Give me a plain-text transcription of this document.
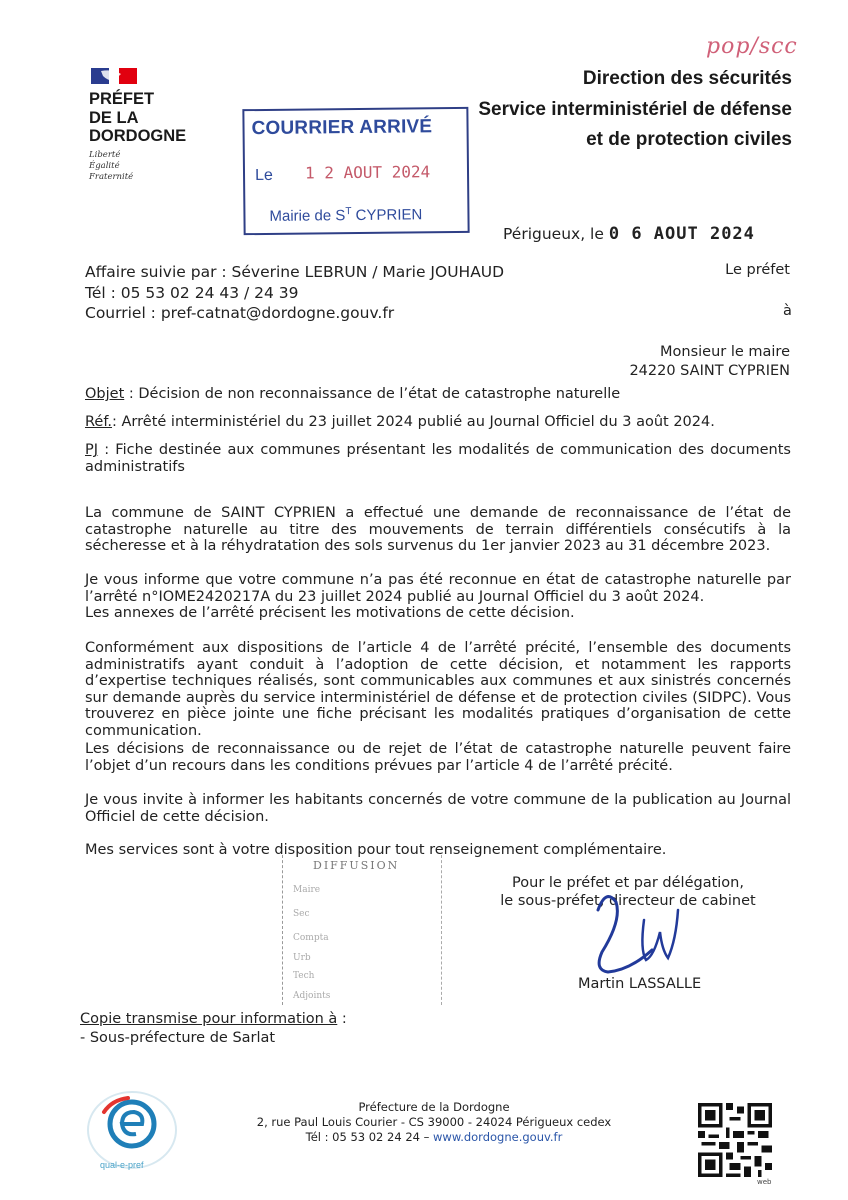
pop/scc
PRÉFET
DE LA
DORDOGNE
Liberté
Égalité
Fraternité
Direction des sécurités
Service interministériel de défense
et de protection civiles
COURRIER ARRIVÉ
Le 1 2 AOUT 2024
Mairie de $S^T$ CYPRIEN
Périgueux, le 0 6 AOUT 2024
Affaire suivie par : Séverine LEBRUN / Marie JOUHAUD
Tél : 05 53 02 24 43 / 24 39
Courriel : pref-catnat@dordogne.gouv.fr
Le préfet
à
Monsieur le maire
24220 SAINT CYPRIEN
Objet : Décision de non reconnaissance de l’état de catastrophe naturelle
Réf.: Arrêté interministériel du 23 juillet 2024 publié au Journal Officiel du 3 août 2024.
PJ : Fiche destinée aux communes présentant les modalités de communication des documents administratifs
La commune de SAINT CYPRIEN a effectué une demande de reconnaissance de l’état de catastrophe naturelle au titre des mouvements de terrain différentiels consécutifs à la sécheresse et à la réhydratation des sols survenus du 1er janvier 2023 au 31 décembre 2023.
Je vous informe que votre commune n’a pas été reconnue en état de catastrophe naturelle par l’arrêté n°IOME2420217A du 23 juillet 2024 publié au Journal Officiel du 3 août 2024.
Les annexes de l’arrêté précisent les motivations de cette décision.
Conformément aux dispositions de l’article 4 de l’arrêté précité, l’ensemble des documents administratifs ayant conduit à l’adoption de cette décision, et notamment les rapports d’expertise techniques réalisés, sont communicables aux communes et aux sinistrés concernés sur demande auprès du service interministériel de défense et de protection civiles (SIDPC). Vous trouverez en pièce jointe une fiche précisant les modalités pratiques d’organisation de cette communication.
Les décisions de reconnaissance ou de rejet de l’état de catastrophe naturelle peuvent faire l’objet d’un recours dans les conditions prévues par l’article 4 de l’arrêté précité.
Je vous invite à informer les habitants concernés de votre commune de la publication au Journal Officiel de cette décision.
Mes services sont à votre disposition pour tout renseignement complémentaire.
DIFFUSION
Maire
Sec
Compta
Urb
Tech
Adjoints
Pour le préfet et par délégation,
le sous-préfet, directeur de cabinet
Martin LASSALLE
Copie transmise pour information à :
- Sous-préfecture de Sarlat
qual-e-pref
Préfecture de la Dordogne
2, rue Paul Louis Courier - CS 39000 - 24024 Périgueux cedex
Tél : 05 53 02 24 24 – www.dordogne.gouv.fr
web
